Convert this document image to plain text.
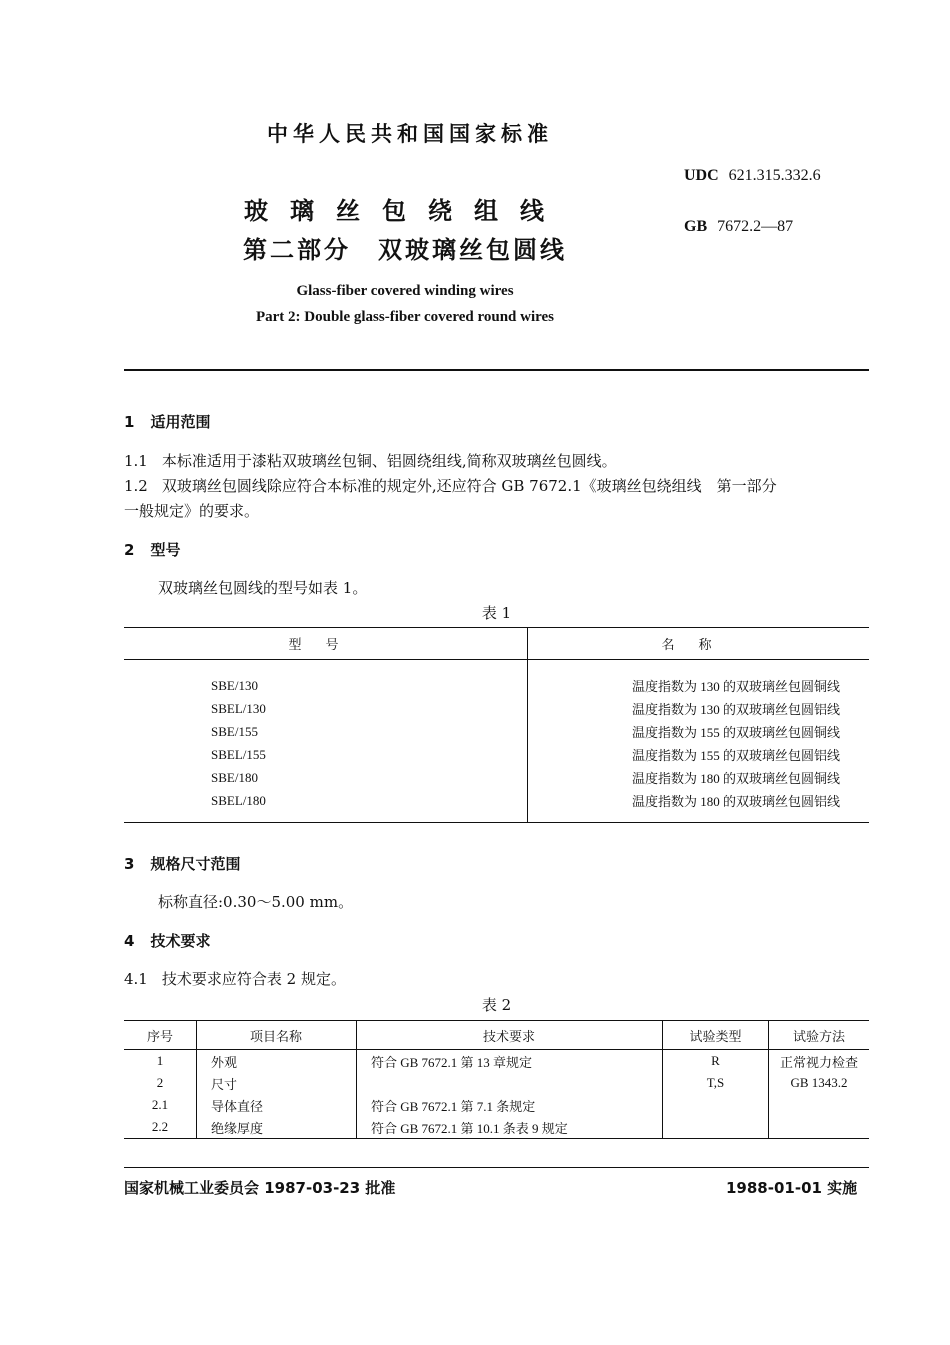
中华人民共和国国家标准
UDC 621.315.332.6
玻璃丝包绕组线
GB 7672.2—87
第二部分　双玻璃丝包圆线
Glass-fiber covered winding wires
Part 2: Double glass-fiber covered round wires
1 适用范围
1.1 本标准适用于漆粘双玻璃丝包铜、铝圆绕组线,简称双玻璃丝包圆线。
1.2 双玻璃丝包圆线除应符合本标准的规定外,还应符合 GB 7672.1《玻璃丝包绕组线　第一部分
一般规定》的要求。
2 型号
双玻璃丝包圆线的型号如表 1。
表 1
型号	名称
SBE/130	温度指数为 130 的双玻璃丝包圆铜线
SBEL/130	温度指数为 130 的双玻璃丝包圆铝线
SBE/155	温度指数为 155 的双玻璃丝包圆铜线
SBEL/155	温度指数为 155 的双玻璃丝包圆铝线
SBE/180	温度指数为 180 的双玻璃丝包圆铜线
SBEL/180	温度指数为 180 的双玻璃丝包圆铝线
3 规格尺寸范围
标称直径:0.30～5.00 mm。
4 技术要求
4.1 技术要求应符合表 2 规定。
表 2
序号	项目名称	技术要求	试验类型	试验方法
1	外观	符合 GB 7672.1 第 13 章规定	R	正常视力检查
2	尺寸		T,S	GB 1343.2
2.1	导体直径	符合 GB 7672.1 第 7.1 条规定		
2.2	绝缘厚度	符合 GB 7672.1 第 10.1 条表 9 规定		
国家机械工业委员会 1987-03-23 批准	1988-01-01 实施
